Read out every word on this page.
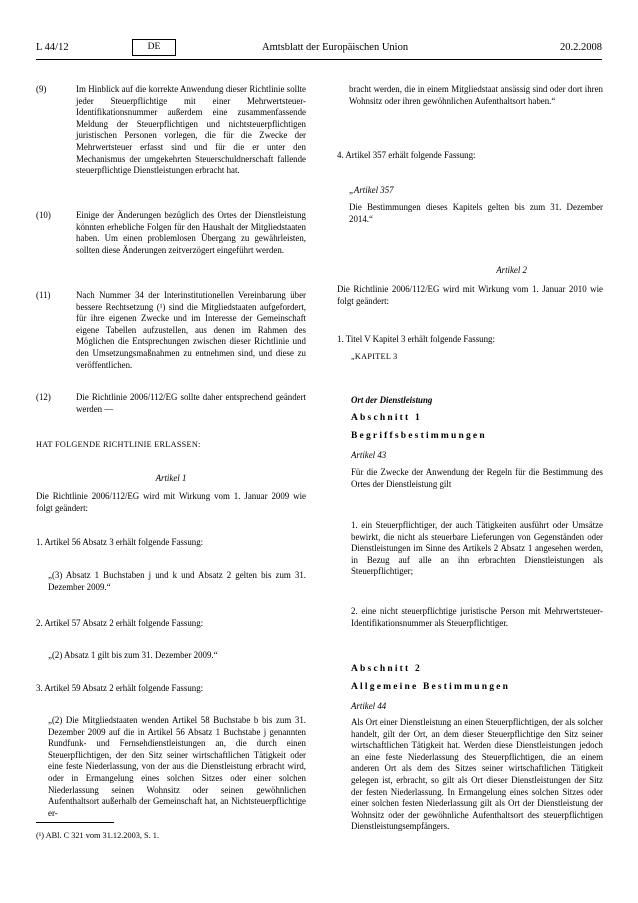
L 44/12	DE	Amtsblatt der Europäischen Union	20.2.2008
(9)	Im Hinblick auf die korrekte Anwendung dieser Richtlinie sollte jeder Steuerpflichtige mit einer Mehrwertsteuer-Identifikationsnummer außerdem eine zusammenfassende Meldung der Steuerpflichtigen und nichtsteuerpflichtigen juristischen Personen vorlegen, die für die Zwecke der Mehrwertsteuer erfasst sind und für die er unter den Mechanismus der umgekehrten Steuerschuldnerschaft fallende steuerpflichtige Dienstleistungen erbracht hat.
(10)	Einige der Änderungen bezüglich des Ortes der Dienstleistung könnten erhebliche Folgen für den Haushalt der Mitgliedstaaten haben. Um einen problemlosen Übergang zu gewährleisten, sollten diese Änderungen zeitverzögert eingeführt werden.
(11)	Nach Nummer 34 der Interinstitutionellen Vereinbarung über bessere Rechtsetzung (¹) sind die Mitgliedstaaten aufgefordert, für ihre eigenen Zwecke und im Interesse der Gemeinschaft eigene Tabellen aufzustellen, aus denen im Rahmen des Möglichen die Entsprechungen zwischen dieser Richtlinie und den Umsetzungsmaßnahmen zu entnehmen sind, und diese zu veröffentlichen.
(12)	Die Richtlinie 2006/112/EG sollte daher entsprechend geändert werden —
HAT FOLGENDE RICHTLINIE ERLASSEN:
Artikel 1
Die Richtlinie 2006/112/EG wird mit Wirkung vom 1. Januar 2009 wie folgt geändert:
1. Artikel 56 Absatz 3 erhält folgende Fassung:
„(3) Absatz 1 Buchstaben j und k und Absatz 2 gelten bis zum 31. Dezember 2009.“
2. Artikel 57 Absatz 2 erhält folgende Fassung:
„(2) Absatz 1 gilt bis zum 31. Dezember 2009.“
3. Artikel 59 Absatz 2 erhält folgende Fassung:
„(2) Die Mitgliedstaaten wenden Artikel 58 Buchstabe b bis zum 31. Dezember 2009 auf die in Artikel 56 Absatz 1 Buchstabe j genannten Rundfunk- und Fernsehdienstleistungen an, die durch einen Steuerpflichtigen, der den Sitz seiner wirtschaftlichen Tätigkeit oder eine feste Niederlassung, von der aus die Dienstleistung erbracht wird, oder in Ermangelung eines solchen Sitzes oder einer solchen Niederlassung seinen Wohnsitz oder seinen gewöhnlichen Aufenthaltsort außerhalb der Gemeinschaft hat, an Nichtsteuerpflichtige er-
(¹) ABl. C 321 vom 31.12.2003, S. 1.
bracht werden, die in einem Mitgliedstaat ansässig sind oder dort ihren Wohnsitz oder ihren gewöhnlichen Aufenthaltsort haben.“
4. Artikel 357 erhält folgende Fassung:
„Artikel 357
Die Bestimmungen dieses Kapitels gelten bis zum 31. Dezember 2014.“
Artikel 2
Die Richtlinie 2006/112/EG wird mit Wirkung vom 1. Januar 2010 wie folgt geändert:
1. Titel V Kapitel 3 erhält folgende Fassung:
„KAPITEL 3
Ort der Dienstleistung
Abschnitt 1
Begriffsbestimmungen
Artikel 43
Für die Zwecke der Anwendung der Regeln für die Bestimmung des Ortes der Dienstleistung gilt
1. ein Steuerpflichtiger, der auch Tätigkeiten ausführt oder Umsätze bewirkt, die nicht als steuerbare Lieferungen von Gegenständen oder Dienstleistungen im Sinne des Artikels 2 Absatz 1 angesehen werden, in Bezug auf alle an ihn erbrachten Dienstleistungen als Steuerpflichtiger;
2. eine nicht steuerpflichtige juristische Person mit Mehrwertsteuer-Identifikationsnummer als Steuerpflichtiger.
Abschnitt 2
Allgemeine Bestimmungen
Artikel 44
Als Ort einer Dienstleistung an einen Steuerpflichtigen, der als solcher handelt, gilt der Ort, an dem dieser Steuerpflichtige den Sitz seiner wirtschaftlichen Tätigkeit hat. Werden diese Dienstleistungen jedoch an eine feste Niederlassung des Steuerpflichtigen, die an einem anderen Ort als dem des Sitzes seiner wirtschaftlichen Tätigkeit gelegen ist, erbracht, so gilt als Ort dieser Dienstleistungen der Sitz der festen Niederlassung. In Ermangelung eines solchen Sitzes oder einer solchen festen Niederlassung gilt als Ort der Dienstleistung der Wohnsitz oder der gewöhnliche Aufenthaltsort des steuerpflichtigen Dienstleistungsempfängers.
